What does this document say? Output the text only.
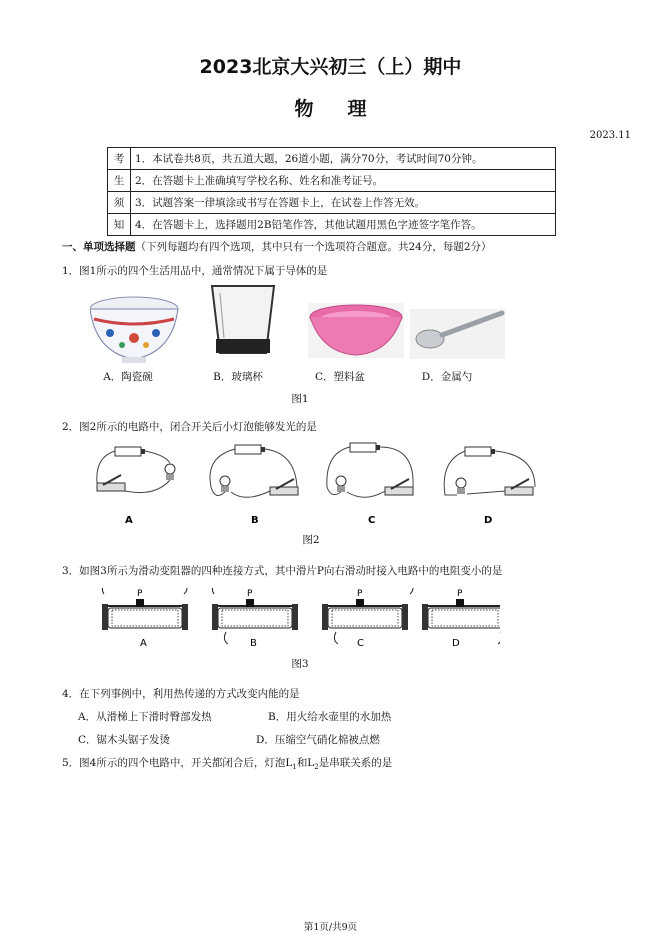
2023北京大兴初三（上）期中
物理
2023.11
考	1．本试卷共8页，共五道大题，26道小题，满分70分，考试时间70分钟。
生	2．在答题卡上准确填写学校名称、姓名和准考证号。
须	3．试题答案一律填涂或书写在答题卡上，在试卷上作答无效。
知	4．在答题卡上，选择题用2B铅笔作答，其他试题用黑色字迹签字笔作答。
一、单项选择题（下列每题均有四个选项，其中只有一个选项符合题意。共24分，每题2分）
1．图1所示的四个生活用品中，通常情况下属于导体的是
A．陶瓷碗	B．玻璃杯	C．塑料盆	D．金属勺
图1
2．图2所示的电路中，闭合开关后小灯泡能够发光的是
A	B	C	D
图2
3．如图3所示为滑动变阻器的四种连接方式，其中滑片P向右滑动时接入电路中的电阻变小的是
P
A
P
B
P
C
P
D
图3
4．在下列事例中，利用热传递的方式改变内能的是
A．从滑梯上下滑时臀部发热	B．用火给水壶里的水加热
C．锯木头锯子发烫	D．压缩空气硝化棉被点燃
5．图4所示的四个电路中，开关都闭合后，灯泡$L_1$和$L_2$是串联关系的是
第1页/共9页
